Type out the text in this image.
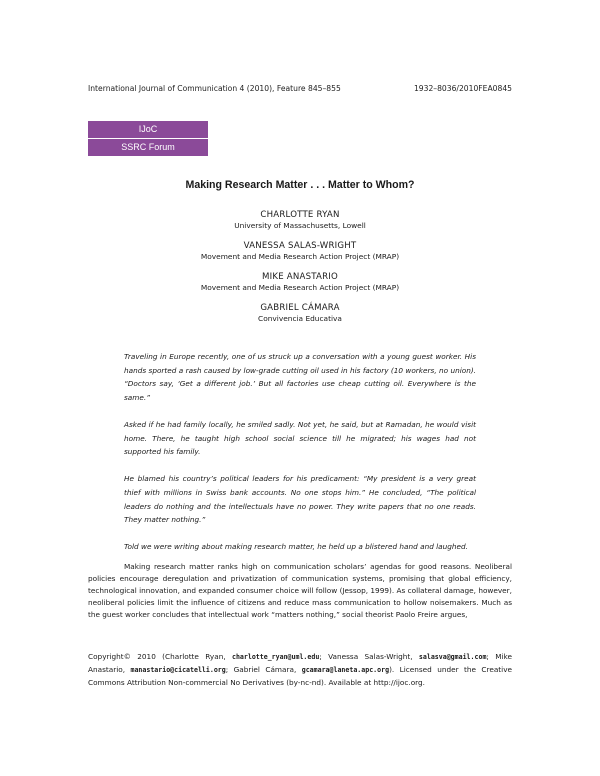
International Journal of Communication 4 (2010), Feature 845–855	1932–8036/2010FEA0845
IJoC
SSRC Forum
Making Research Matter . . . Matter to Whom?
CHARLOTTE RYAN
University of Massachusetts, Lowell
VANESSA SALAS-WRIGHT
Movement and Media Research Action Project (MRAP)
MIKE ANASTARIO
Movement and Media Research Action Project (MRAP)
GABRIEL CÁMARA
Convivencia Educativa

Traveling in Europe recently, one of us struck up a conversation with a young guest worker. His hands sported a rash caused by low-grade cutting oil used in his factory (10 workers, no union). “Doctors say, ‘Get a different job.’ But all factories use cheap cutting oil. Everywhere is the same.”

Asked if he had family locally, he smiled sadly. Not yet, he said, but at Ramadan, he would visit home. There, he taught high school social science till he migrated; his wages had not supported his family.

He blamed his country’s political leaders for his predicament: “My president is a very great thief with millions in Swiss bank accounts. No one stops him.” He concluded, “The political leaders do nothing and the intellectuals have no power. They write papers that no one reads. They matter nothing.”

Told we were writing about making research matter, he held up a blistered hand and laughed.

Making research matter ranks high on communication scholars’ agendas for good reasons. Neoliberal policies encourage deregulation and privatization of communication systems, promising that global efficiency, technological innovation, and expanded consumer choice will follow (Jessop, 1999). As collateral damage, however, neoliberal policies limit the influence of citizens and reduce mass communication to hollow noisemakers. Much as the guest worker concludes that intellectual work “matters nothing,” social theorist Paolo Freire argues,

Copyright© 2010 (Charlotte Ryan, charlotte_ryan@uml.edu; Vanessa Salas-Wright, salasva@gmail.com; Mike Anastario, manastario@cicatelli.org; Gabriel Cámara, gcamara@laneta.apc.org). Licensed under the Creative Commons Attribution Non-commercial No Derivatives (by-nc-nd). Available at http://ijoc.org.
